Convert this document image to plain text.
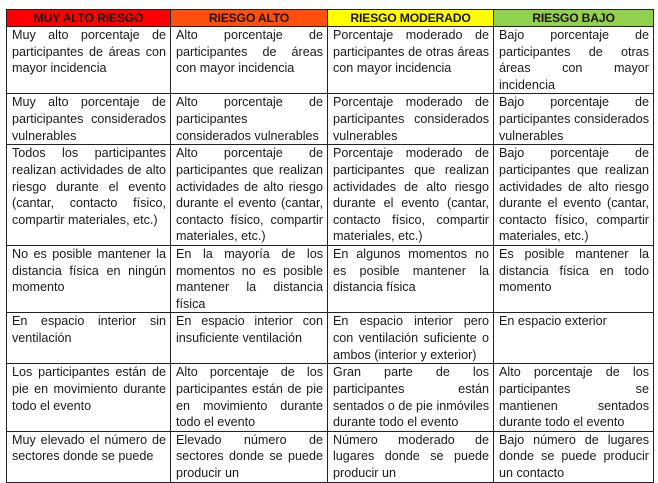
MUY ALTO RIESGO	RIESGO ALTO	RIESGO MODERADO	RIESGO BAJO
Muy alto porcentaje de participantes de áreas con mayor incidencia	Alto porcentaje de participantes de áreas con mayor incidencia	Porcentaje moderado de participantes de otras áreas con mayor incidencia	Bajo porcentaje de participantes de otras áreas con mayor incidencia
Muy alto porcentaje de participantes considerados vulnerables	Alto porcentaje de participantes considerados vulnerables	Porcentaje moderado de participantes considerados vulnerables	Bajo porcentaje de participantes considerados vulnerables
Todos los participantes realizan actividades de alto riesgo durante el evento (cantar, contacto físico, compartir materiales, etc.)	Alto porcentaje de participantes que realizan actividades de alto riesgo durante el evento (cantar, contacto físico, compartir materiales, etc.)	Porcentaje moderado de participantes que realizan actividades de alto riesgo durante el evento (cantar, contacto físico, compartir materiales, etc.)	Bajo porcentaje de participantes que realizan actividades de alto riesgo durante el evento (cantar, contacto físico, compartir materiales, etc.)
No es posible mantener la distancia física en ningún momento	En la mayoría de los momentos no es posible mantener la distancia física	En algunos momentos no es posible mantener la distancia física	Es posible mantener la distancia física en todo momento
En espacio interior sin ventilación	En espacio interior con insuficiente ventilación	En espacio interior pero con ventilación suficiente o ambos (interior y exterior)	En espacio exterior
Los participantes están de pie en movimiento durante todo el evento	Alto porcentaje de los participantes están de pie en movimiento durante todo el evento	Gran parte de los participantes están sentados o de pie inmóviles durante todo el evento	Alto porcentaje de los participantes se mantienen sentados durante todo el evento
Muy elevado el número de sectores donde se puede	Elevado número de sectores donde se puede producir un	Número moderado de lugares donde se puede producir un	Bajo número de lugares donde se puede producir un contacto
